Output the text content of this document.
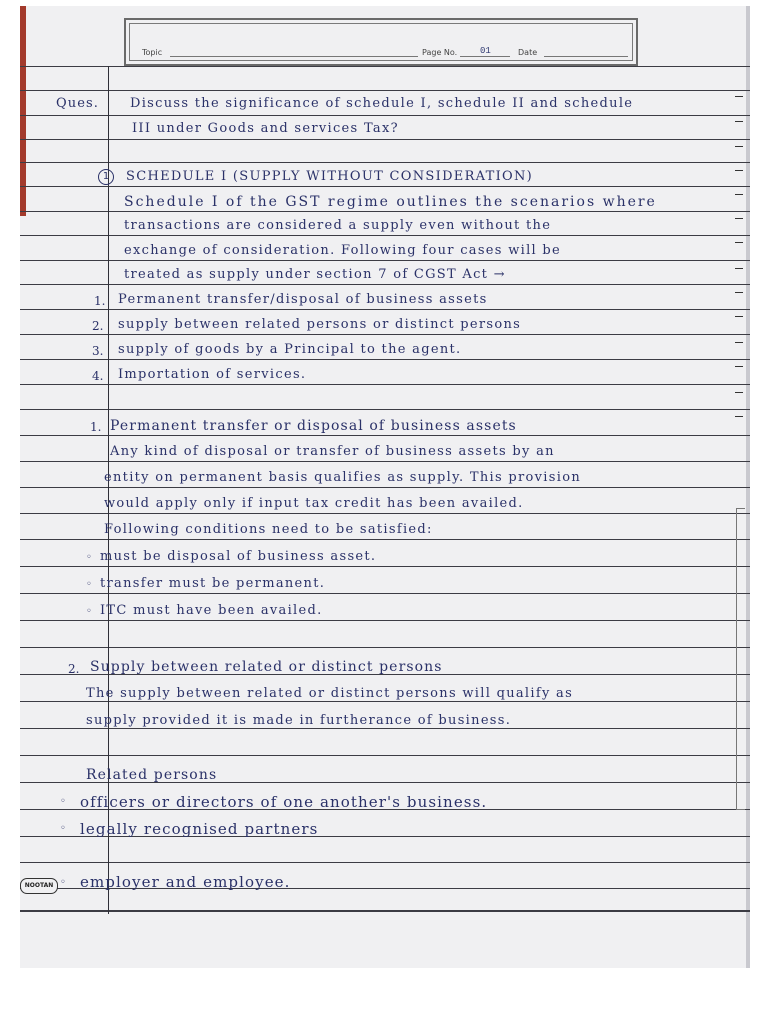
Topic	Page No.	01	Date
Ques. Discuss the significance of schedule I, schedule II and schedule
III under Goods and services Tax?
1	SCHEDULE I (SUPPLY WITHOUT CONSIDERATION)
Schedule I of the GST regime outlines the scenarios where
transactions are considered a supply even without the
exchange of consideration. Following four cases will be
treated as supply under section 7 of CGST Act →
1. Permanent transfer/disposal of business assets
2. supply between related persons or distinct persons
3. supply of goods by a Principal to the agent.
4. Importation of services.
1. Permanent transfer or disposal of business assets
Any kind of disposal or transfer of business assets by an
entity on permanent basis qualifies as supply. This provision
would apply only if input tax credit has been availed.
Following conditions need to be satisfied:
◦ must be disposal of business asset.
◦ transfer must be permanent.
◦ ITC must have been availed.
2. Supply between related or distinct persons
The supply between related or distinct persons will qualify as
supply provided it is made in furtherance of business.
Related persons
◦ officers or directors of one another's business.
◦ legally recognised partners
◦ employer and employee.
NOOTAN
